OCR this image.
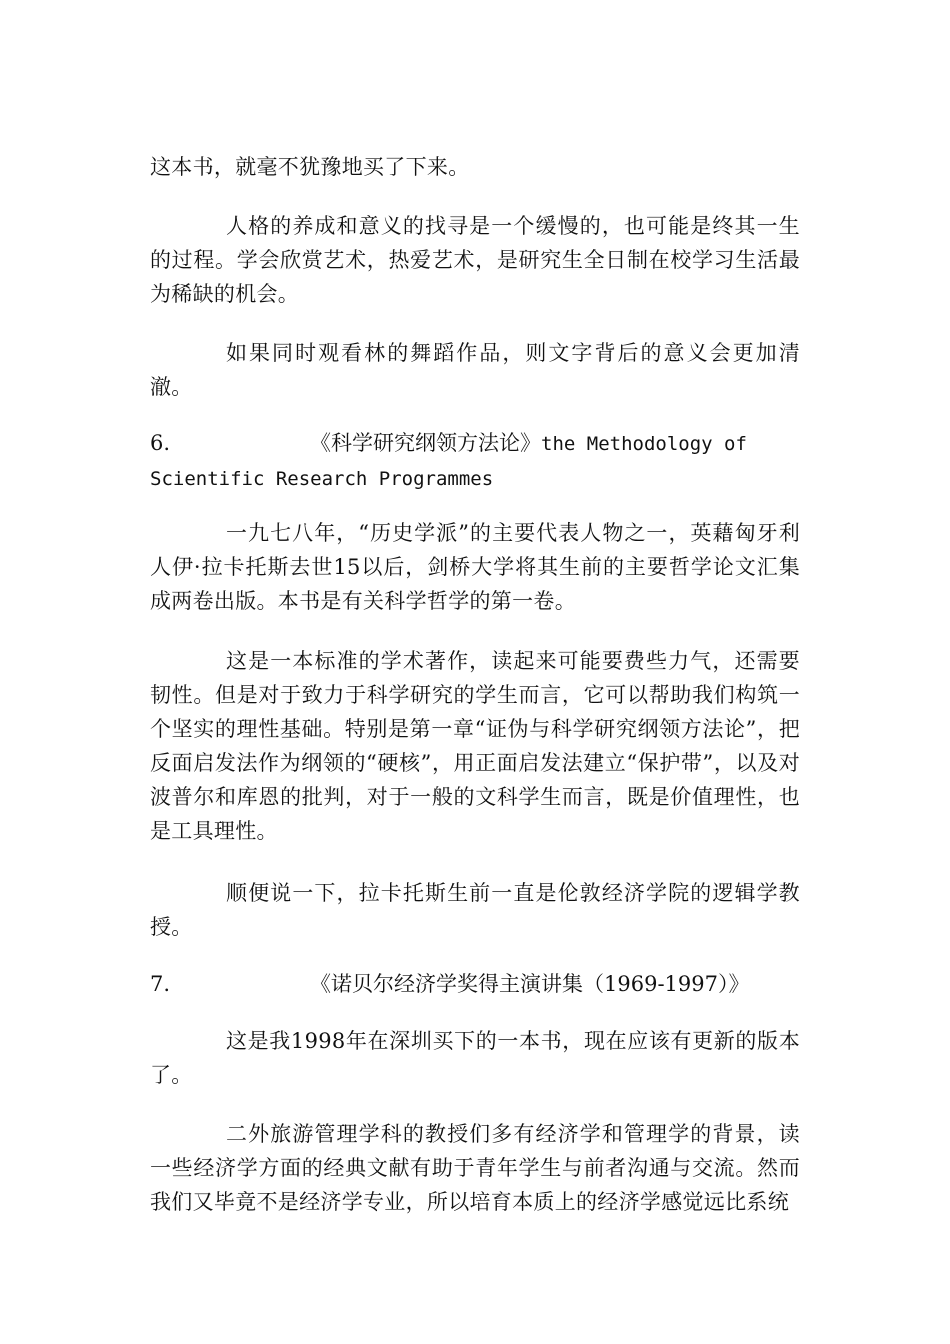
这本书，就毫不犹豫地买了下来。

人格的养成和意义的找寻是一个缓慢的，也可能是终其一生的过程。学会欣赏艺术，热爱艺术，是研究生全日制在校学习生活最为稀缺的机会。

如果同时观看林的舞蹈作品，则文字背后的意义会更加清澈。

6.	《科学研究纲领方法论》the Methodology of Scientific Research Programmes

一九七八年，“历史学派”的主要代表人物之一，英藉匈牙利人伊·拉卡托斯去世15以后，剑桥大学将其生前的主要哲学论文汇集成两卷出版。本书是有关科学哲学的第一卷。

这是一本标准的学术著作，读起来可能要费些力气，还需要韧性。但是对于致力于科学研究的学生而言，它可以帮助我们构筑一个坚实的理性基础。特别是第一章“证伪与科学研究纲领方法论”，把反面启发法作为纲领的“硬核”，用正面启发法建立“保护带”，以及对波普尔和库恩的批判，对于一般的文科学生而言，既是价值理性，也是工具理性。

顺便说一下，拉卡托斯生前一直是伦敦经济学院的逻辑学教授。

7.	《诺贝尔经济学奖得主演讲集（1969-1997）》

这是我1998年在深圳买下的一本书，现在应该有更新的版本了。

二外旅游管理学科的教授们多有经济学和管理学的背景，读一些经济学方面的经典文献有助于青年学生与前者沟通与交流。然而我们又毕竟不是经济学专业，所以培育本质上的经济学感觉远比系统
